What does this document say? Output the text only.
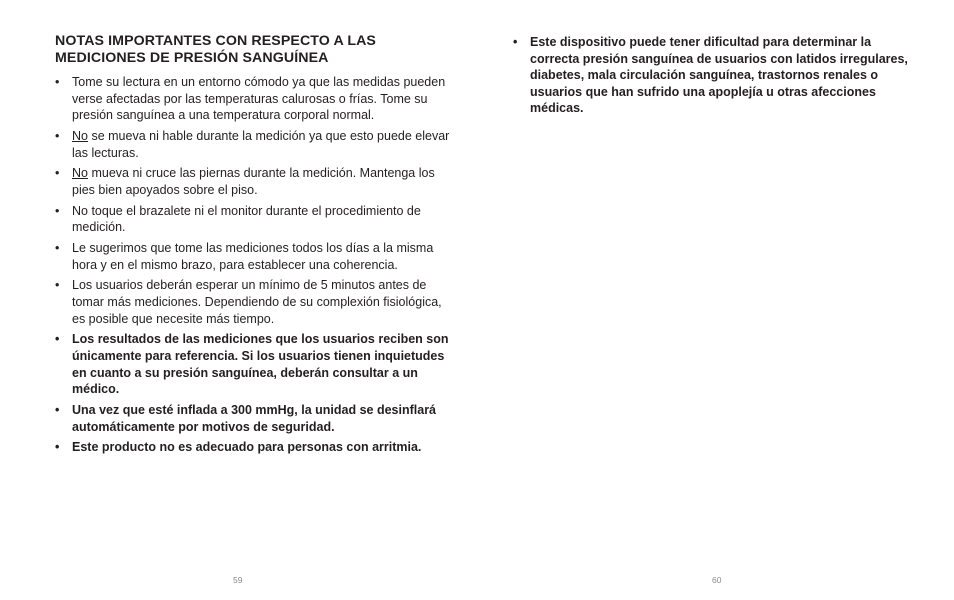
NOTAS IMPORTANTES CON RESPECTO A LAS
MEDICIONES DE PRESIÓN SANGUÍNEA
• Tome su lectura en un entorno cómodo ya que las medidas pueden verse afectadas por las temperaturas calurosas o frías. Tome su presión sanguínea a una temperatura corporal normal.
• No se mueva ni hable durante la medición ya que esto puede elevar las lecturas.
• No mueva ni cruce las piernas durante la medición. Mantenga los pies bien apoyados sobre el piso.
• No toque el brazalete ni el monitor durante el procedimiento de medición.
• Le sugerimos que tome las mediciones todos los días a la misma hora y en el mismo brazo, para establecer una coherencia.
• Los usuarios deberán esperar un mínimo de 5 minutos antes de tomar más mediciones. Dependiendo de su complexión fisiológica, es posible que necesite más tiempo.
• Los resultados de las mediciones que los usuarios reciben son únicamente para referencia. Si los usuarios tienen inquietudes en cuanto a su presión sanguínea, deberán consultar a un médico.
• Una vez que esté inflada a 300 mmHg, la unidad se desinflará automáticamente por motivos de seguridad.
• Este producto no es adecuado para personas con arritmia.
59
• Este dispositivo puede tener dificultad para determinar la correcta presión sanguínea de usuarios con latidos irregulares, diabetes, mala circulación sanguínea, trastornos renales o usuarios que han sufrido una apoplejía u otras afecciones médicas.
60
